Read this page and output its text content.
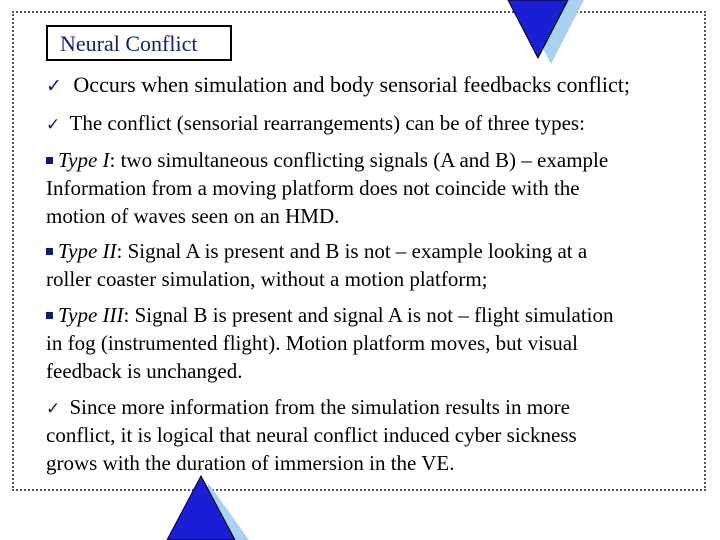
Neural Conflict
✓ Occurs when simulation and body sensorial feedbacks conflict;
✓ The conflict (sensorial rearrangements) can be of three types:
Type I: two simultaneous conflicting signals (A and B) – example
Information from a moving platform does not coincide with the
motion of waves seen on an HMD.
Type II: Signal A is present and B is not – example looking at a
roller coaster simulation, without a motion platform;
Type III: Signal B is present and signal A is not – flight simulation
in fog (instrumented flight). Motion platform moves, but visual
feedback is unchanged.
✓ Since more information from the simulation results in more
conflict, it is logical that neural conflict induced cyber sickness
grows with the duration of immersion in the VE.
